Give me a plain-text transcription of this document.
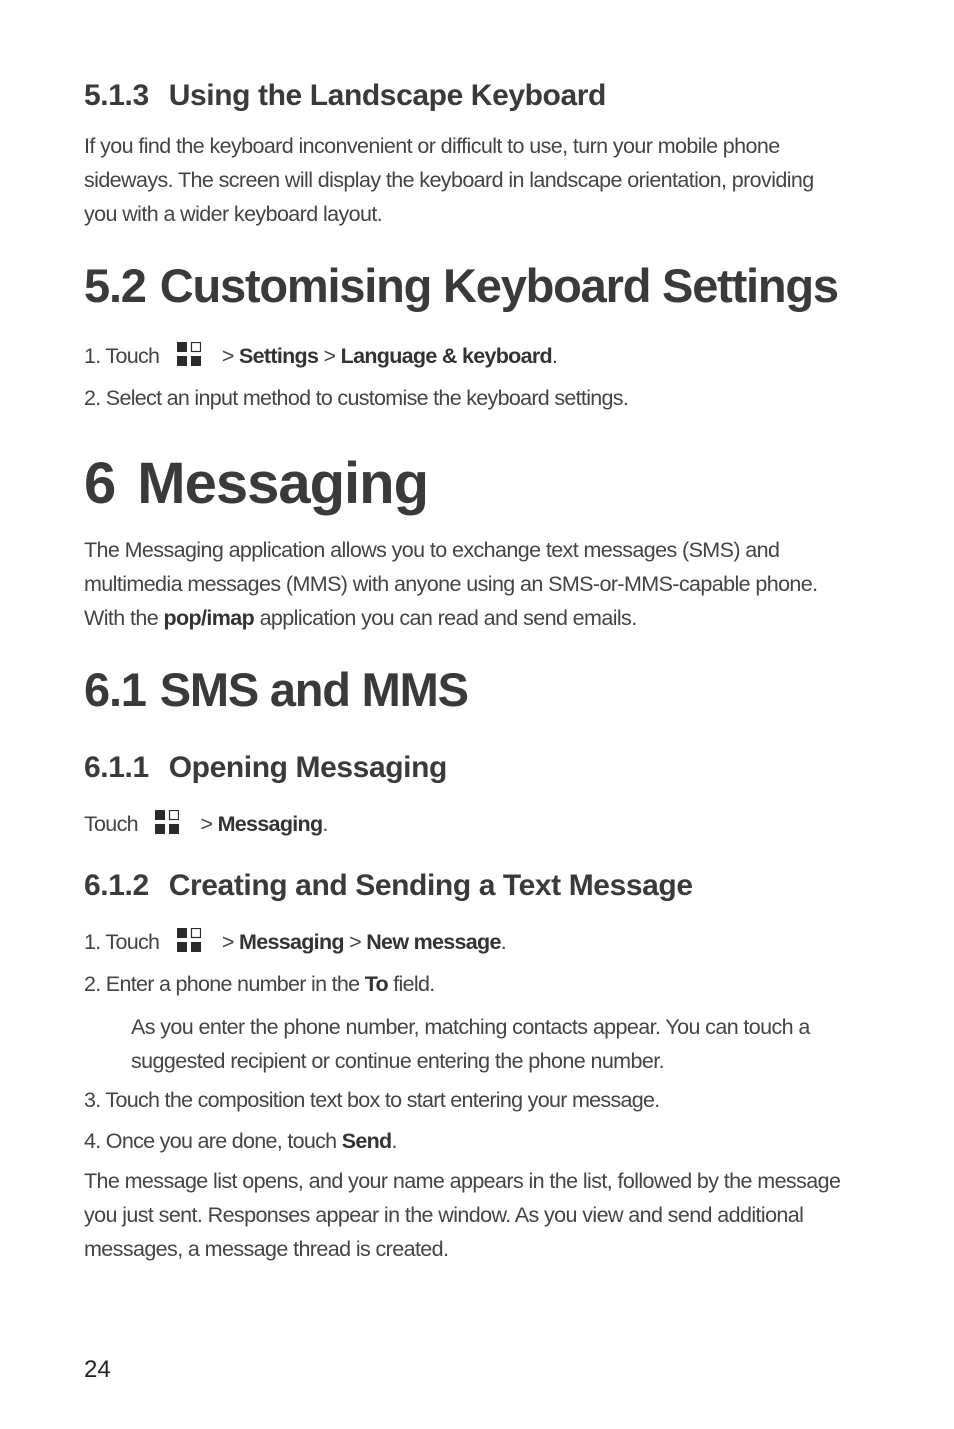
5.1.3 Using the Landscape Keyboard
If you find the keyboard inconvenient or difficult to use, turn your mobile phone
sideways. The screen will display the keyboard in landscape orientation, providing
you with a wider keyboard layout.
5.2 Customising Keyboard Settings
1. Touch	> Settings > Language & keyboard.
2. Select an input method to customise the keyboard settings.
6 Messaging
The Messaging application allows you to exchange text messages (SMS) and
multimedia messages (MMS) with anyone using an SMS-or-MMS-capable phone.
With the pop/imap application you can read and send emails.
6.1 SMS and MMS
6.1.1 Opening Messaging
Touch	> Messaging.
6.1.2 Creating and Sending a Text Message
1. Touch	> Messaging > New message.
2. Enter a phone number in the To field.
As you enter the phone number, matching contacts appear. You can touch a
suggested recipient or continue entering the phone number.
3. Touch the composition text box to start entering your message.
4. Once you are done, touch Send.
The message list opens, and your name appears in the list, followed by the message
you just sent. Responses appear in the window. As you view and send additional
messages, a message thread is created.
24
